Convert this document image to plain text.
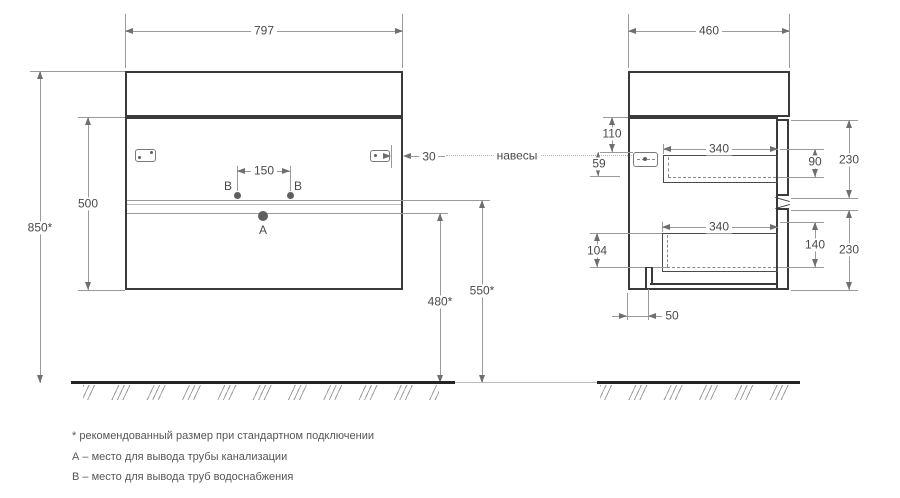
797
850*
500
150
B	B
A
30	навесы
480*
550*
460
110
59
340
90 230
340
140 230
104
50
* рекомендованный размер при стандартном подключении
А – место для вывода трубы канализации
В – место для вывода труб водоснабжения
